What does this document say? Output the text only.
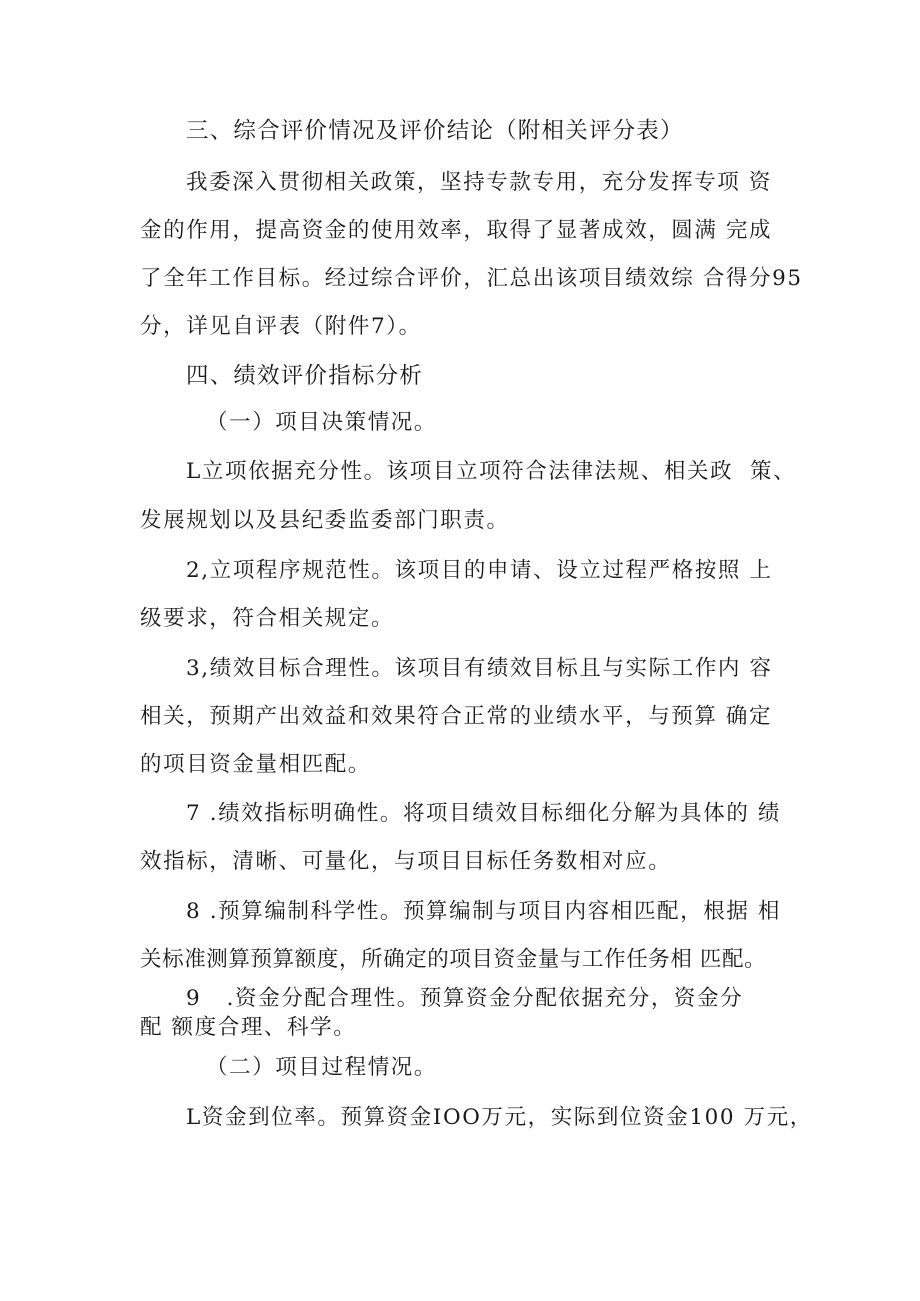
三、综合评价情况及评价结论（附相关评分表）
我委深入贯彻相关政策，坚持专款专用，充分发挥专项 资
金的作用，提高资金的使用效率，取得了显著成效，圆满 完成
了全年工作目标。经过综合评价，汇总出该项目绩效综 合得分95
分，详见自评表（附件7）。
四、绩效评价指标分析
（一）项目决策情况。
L立项依据充分性。该项目立项符合法律法规、相关政  策、
发展规划以及县纪委监委部门职责。
2,立项程序规范性。该项目的申请、设立过程严格按照 上
级要求，符合相关规定。
3,绩效目标合理性。该项目有绩效目标且与实际工作内 容
相关，预期产出效益和效果符合正常的业绩水平，与预算 确定
的项目资金量相匹配。
7 .绩效指标明确性。将项目绩效目标细化分解为具体的 绩
效指标，清晰、可量化，与项目目标任务数相对应。
8 .预算编制科学性。预算编制与项目内容相匹配，根据 相
关标准测算预算额度，所确定的项目资金量与工作任务相 匹配。
9   .资金分配合理性。预算资金分配依据充分，资金分
配 额度合理、科学。
（二）项目过程情况。
L资金到位率。预算资金IOO万元，实际到位资金100 万元，
